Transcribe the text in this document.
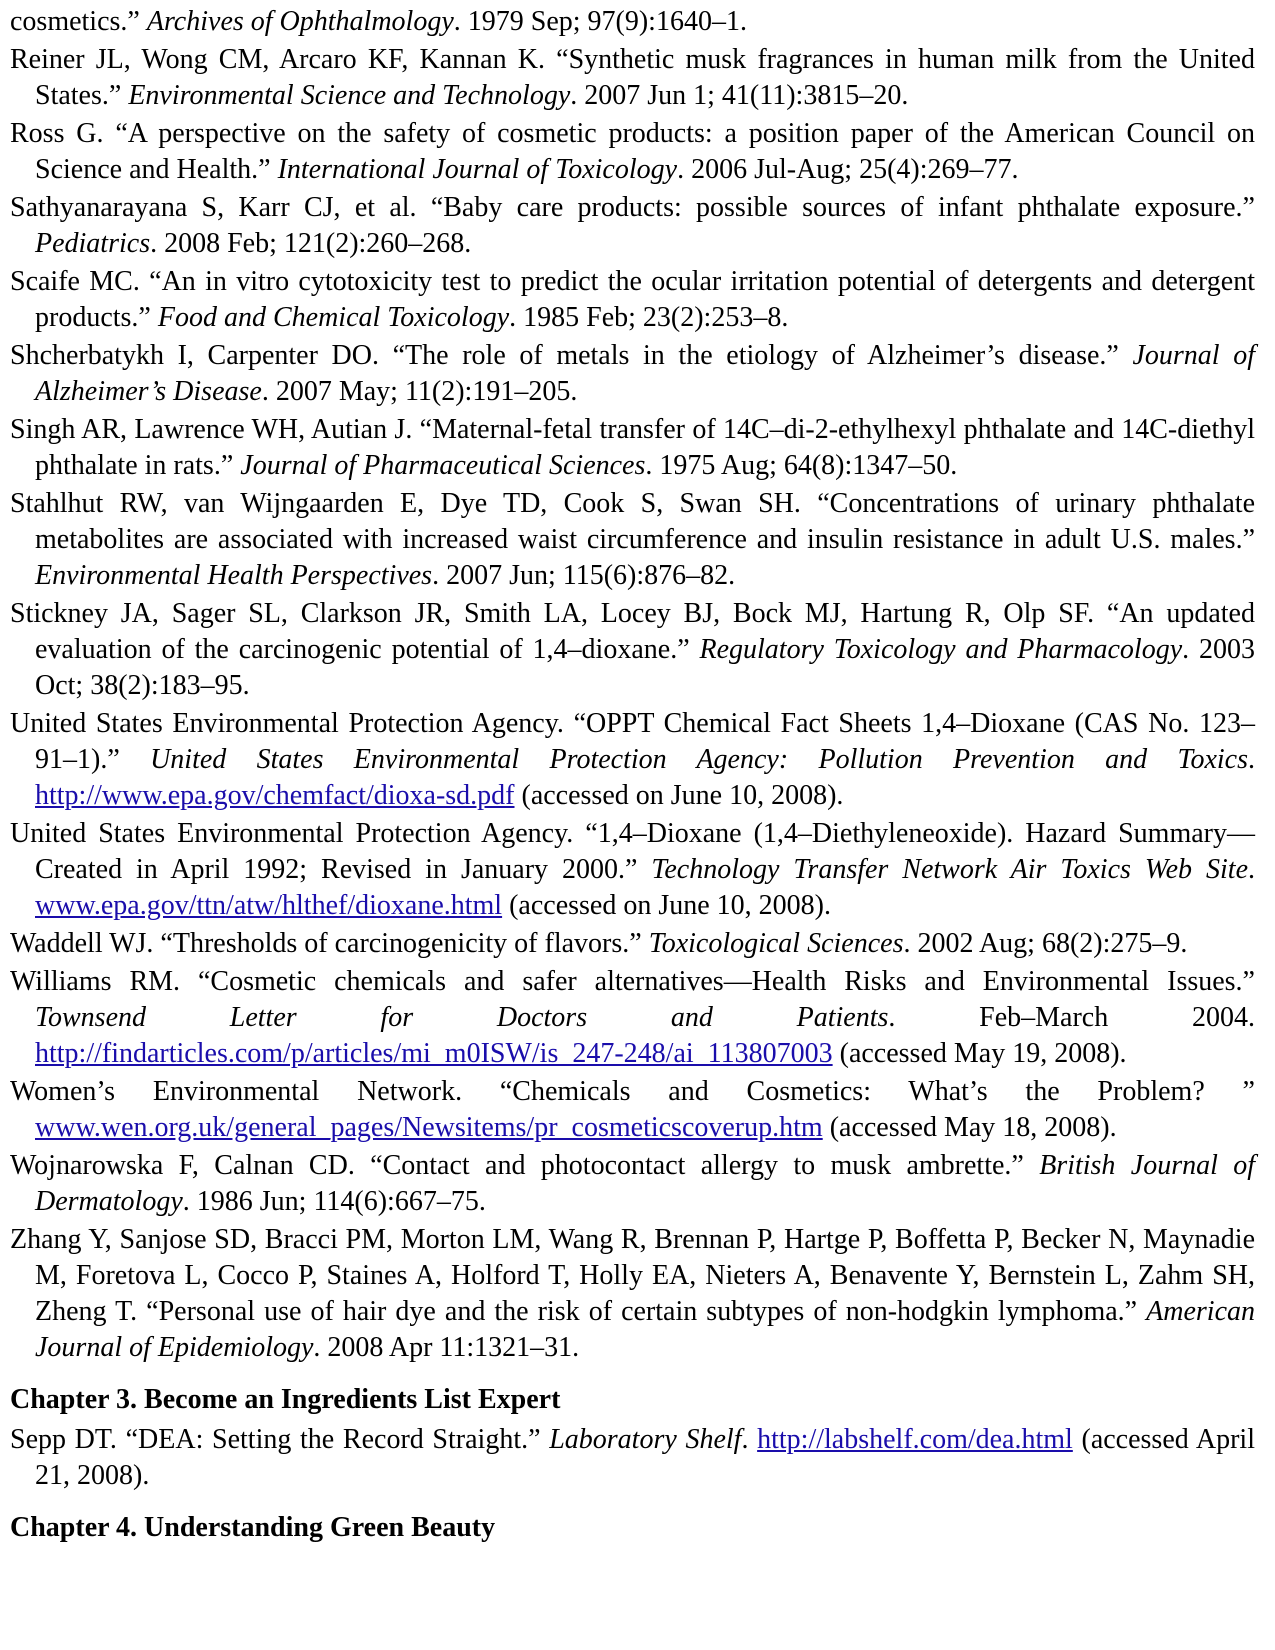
cosmetics.” Archives of Ophthalmology. 1979 Sep; 97(9):1640–1.

Reiner JL, Wong CM, Arcaro KF, Kannan K. “Synthetic musk fragrances in human milk from the United States.” Environmental Science and Technology. 2007 Jun 1; 41(11):3815–20.

Ross G. “A perspective on the safety of cosmetic products: a position paper of the American Council on Science and Health.” International Journal of Toxicology. 2006 Jul-Aug; 25(4):269–77.

Sathyanarayana S, Karr CJ, et al. “Baby care products: possible sources of infant phthalate exposure.” Pediatrics. 2008 Feb; 121(2):260–268.

Scaife MC. “An in vitro cytotoxicity test to predict the ocular irritation potential of detergents and detergent products.” Food and Chemical Toxicology. 1985 Feb; 23(2):253–8.

Shcherbatykh I, Carpenter DO. “The role of metals in the etiology of Alzheimer’s disease.” Journal of Alzheimer’s Disease. 2007 May; 11(2):191–205.

Singh AR, Lawrence WH, Autian J. “Maternal-fetal transfer of 14C–di-2-ethylhexyl phthalate and 14C-diethyl phthalate in rats.” Journal of Pharmaceutical Sciences. 1975 Aug; 64(8):1347–50.

Stahlhut RW, van Wijngaarden E, Dye TD, Cook S, Swan SH. “Concentrations of urinary phthalate metabolites are associated with increased waist circumference and insulin resistance in adult U.S. males.” Environmental Health Perspectives. 2007 Jun; 115(6):876–82.

Stickney JA, Sager SL, Clarkson JR, Smith LA, Locey BJ, Bock MJ, Hartung R, Olp SF. “An updated evaluation of the carcinogenic potential of 1,4–dioxane.” Regulatory Toxicology and Pharmacology. 2003 Oct; 38(2):183–95.

United States Environmental Protection Agency. “OPPT Chemical Fact Sheets 1,4–Dioxane (CAS No. 123–91–1).” United States Environmental Protection Agency: Pollution Prevention and Toxics. http://www.epa.gov/chemfact/dioxa-sd.pdf (accessed on June 10, 2008).

United States Environmental Protection Agency. “1,4–Dioxane (1,4–Diethyleneoxide). Hazard Summary—Created in April 1992; Revised in January 2000.” Technology Transfer Network Air Toxics Web Site. www.epa.gov/ttn/atw/hlthef/dioxane.html (accessed on June 10, 2008).

Waddell WJ. “Thresholds of carcinogenicity of flavors.” Toxicological Sciences. 2002 Aug; 68(2):275–9.

Williams RM. “Cosmetic chemicals and safer alternatives—Health Risks and Environmental Issues.” Townsend Letter for Doctors and Patients. Feb–March 2004. http://findarticles.com/p/articles/mi_m0ISW/is_247-248/ai_113807003 (accessed May 19, 2008).

Women’s Environmental Network. “Chemicals and Cosmetics: What’s the Problem? ” www.wen.org.uk/general_pages/Newsitems/pr_cosmeticscoverup.htm (accessed May 18, 2008).

Wojnarowska F, Calnan CD. “Contact and photocontact allergy to musk ambrette.” British Journal of Dermatology. 1986 Jun; 114(6):667–75.

Zhang Y, Sanjose SD, Bracci PM, Morton LM, Wang R, Brennan P, Hartge P, Boffetta P, Becker N, Maynadie M, Foretova L, Cocco P, Staines A, Holford T, Holly EA, Nieters A, Benavente Y, Bernstein L, Zahm SH, Zheng T. “Personal use of hair dye and the risk of certain subtypes of non-hodgkin lymphoma.” American Journal of Epidemiology. 2008 Apr 11:1321–31.

Chapter 3. Become an Ingredients List Expert

Sepp DT. “DEA: Setting the Record Straight.” Laboratory Shelf. http://labshelf.com/dea.html (accessed April 21, 2008).

Chapter 4. Understanding Green Beauty
